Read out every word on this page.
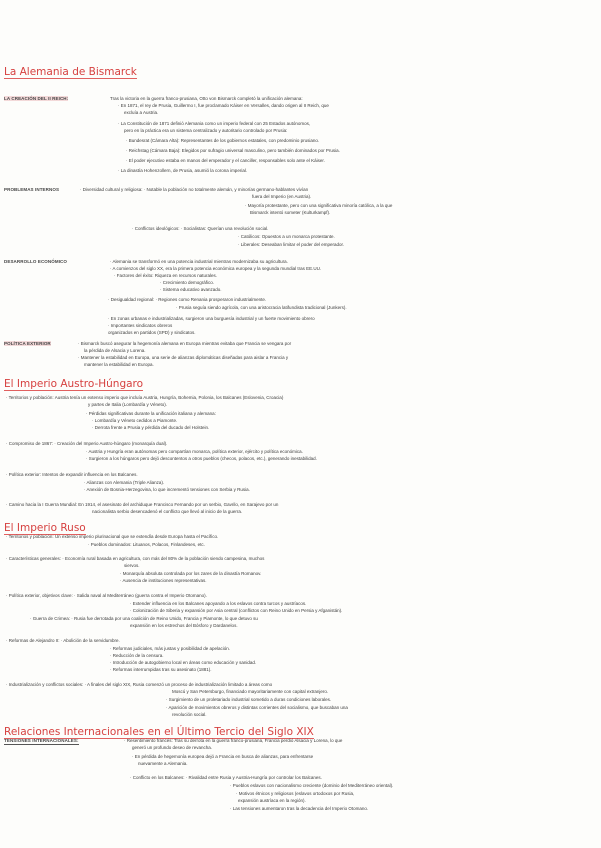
La Alemania de Bismarck
LA CREACIÓN DEL II REICH:
PROBLEMAS INTERNOS
DESARROLLO ECONÓMICO
POLÍTICA EXTERIOR
Tras la victoria en la guerra franco-prusiana, Otto von Bismarck completó la unificación alemana:
· En 1871, el rey de Prusia, Guillermo I, fue proclamado Káiser en Versalles, dando origen al II Reich, que
excluía a Austria.
· La Constitución de 1871 definió Alemania como un imperio federal con 25 Estados autónomos,
pero en la práctica era un sistema centralizado y autoritario controlado por Prusia:
· Bundesrat (Cámara Alta): Representantes de los gobiernos estatales, con predominio prusiano.
· Reichstag (Cámara Baja): Elegidos por sufragio universal masculino, pero también dominados por Prusia.
· El poder ejecutivo estaba en manos del emperador y el canciller, responsables solo ante el Káiser.
· La dinastía Hohenzollern, de Prusia, asumió la corona imperial.
· Diversidad cultural y religiosa: · Notable la población no totalmente alemán, y minorías germano-hablantes vivían
fuera del Imperio (en Austria).
· Mayoría protestante, pero con una significativa minoría católica, a la que
Bismarck intentó someter (Kulturkampf).
· Conflictos ideológicos: · Socialistas: Querían una revolución social.
· Católicos: Opuestos a un monarca protestante.
· Liberales: Deseaban limitar el poder del emperador.
· Alemania se transformó en una potencia industrial mientras modernizaba su agricultura.
· A comienzos del siglo XX, era la primera potencia económica europea y la segunda mundial tras EE.UU.
· Factores del éxito: Riqueza en recursos naturales.
· Crecimiento demográfico.
· Sistema educativo avanzado.
· Desigualdad regional: · Regiones como Renania prosperaron industrialmente.
· Prusia seguía siendo agrícola, con una aristocracia latifundista tradicional (Junkers).
· En zonas urbanas e industrializadas, surgieron una burguesía industrial y un fuerte movimiento obrero
· Importantes sindicatos obreros
organizados en partidos (SPD) y sindicatos.
· Bismarck buscó asegurar la hegemonía alemana en Europa mientras evitaba que Francia se vengara por
la pérdida de Alsacia y Lorena.
· Mantener la estabilidad en Europa, una serie de alianzas diplomáticas diseñadas para aislar a Francia y
mantener la estabilidad en Europa.
El Imperio Austro-Húngaro
· Territorios y población: Austria tenía un extenso imperio que incluía Austria, Hungría, Bohemia, Polonia, los Balcanes (Eslovenia, Croacia)
y partes de Italia (Lombardía y Véneto).
· Pérdidas significativas durante la unificación italiana y alemana:
· Lombardía y Véneto cedidos a Piamonte.
· Derrota frente a Prusia y pérdida del ducado del Holstein.
· Compromiso de 1867: · Creación del Imperio Austro-húngaro (monarquía dual).
· Austria y Hungría eran autónomas pero compartían monarca, política exterior, ejército y política económica.
· Surgieron a los húngaros pero dejó descontentos a otros pueblos (checos, polacos, etc.), generando inestabilidad.
· Política exterior: Intentos de expandir influencia en los Balcanes.
· Alianzas con Alemania (Triple Alianza).
· Anexión de Bosnia-Herzegovina, lo que incrementó tensiones con Serbia y Rusia.
· Camino hacia la I Guerra Mundial: En 1914, el asesinato del archiduque Francisco Fernando por un serbio, Gavrilo, en Sarajevo por un
nacionalista serbio desencadenó el conflicto que llevó al inicio de la guerra.
El Imperio Ruso
· Territorios y población: Un extenso imperio plurinacional que se extendía desde Europa hasta el Pacífico.
· Pueblos dominados: Lituanos, Polacos, Finlandeses, etc.
· Características generales: · Economía rural basada en agricultura, con más del 80% de la población siendo campesina, muchos
siervos.
· Monarquía absoluta controlada por los zares de la dinastía Romanov.
· Ausencia de instituciones representativas.
· Política exterior, objetivos clave: · Salida naval al Mediterráneo (guerra contra el Imperio Otomano).
· Extender influencia en los Balcanes apoyando a los eslavos contra turcos y austríacos.
· Colonización de Siberia y expansión por Asia central (conflictos con Reino Unido en Persia y Afganistán).
· Guerra de Crimea: · Rusia fue derrotada por una coalición de Reino Unido, Francia y Piamonte, lo que detuvo su
expansión en los estrechos del Bósforo y Dardanelos.
· Reformas de Alejandro II: · Abolición de la servidumbre.
· Reformas judiciales, más justas y posibilidad de apelación.
· Reducción de la censura.
· Introducción de autogobierno local en áreas como educación y sanidad.
· Reformas interrumpidas tras su asesinato (1881).
· Industrialización y conflictos sociales: · A finales del siglo XIX, Rusia comenzó un proceso de industrialización limitado a áreas como
Moscú y San Petersburgo, financiado mayoritariamente con capital extranjero.
· Surgimiento de un proletariado industrial sometido a duras condiciones laborales.
· Aparición de movimientos obreros y distintas corrientes del socialismo, que buscaban una
revolución social.
Relaciones Internacionales en el Último Tercio del Siglo XIX
TENSIONES INTERNACIONALES:	· Resentimiento francés: Tras su derrota en la guerra franco-prusiana, Francia perdió Alsacia y Lorena, lo que
generó un profundo deseo de revancha.
· En pérdida de hegemonía europea dejó a Francia en busca de alianzas, para enfrentarse
nuevamente a Alemania.
· Conflicto en los Balcanes: · Rivalidad entre Rusia y Austria-Hungría por controlar los Balcanes.
· Pueblos eslavos con nacionalismo creciente (dominio del Mediterráneo oriental).
· Motivos étnicos y religiosos (eslavos ortodoxos por Rusia,
expansión austríaca en la región).
· Las tensiones aumentaron tras la decadencia del Imperio Otomano.
